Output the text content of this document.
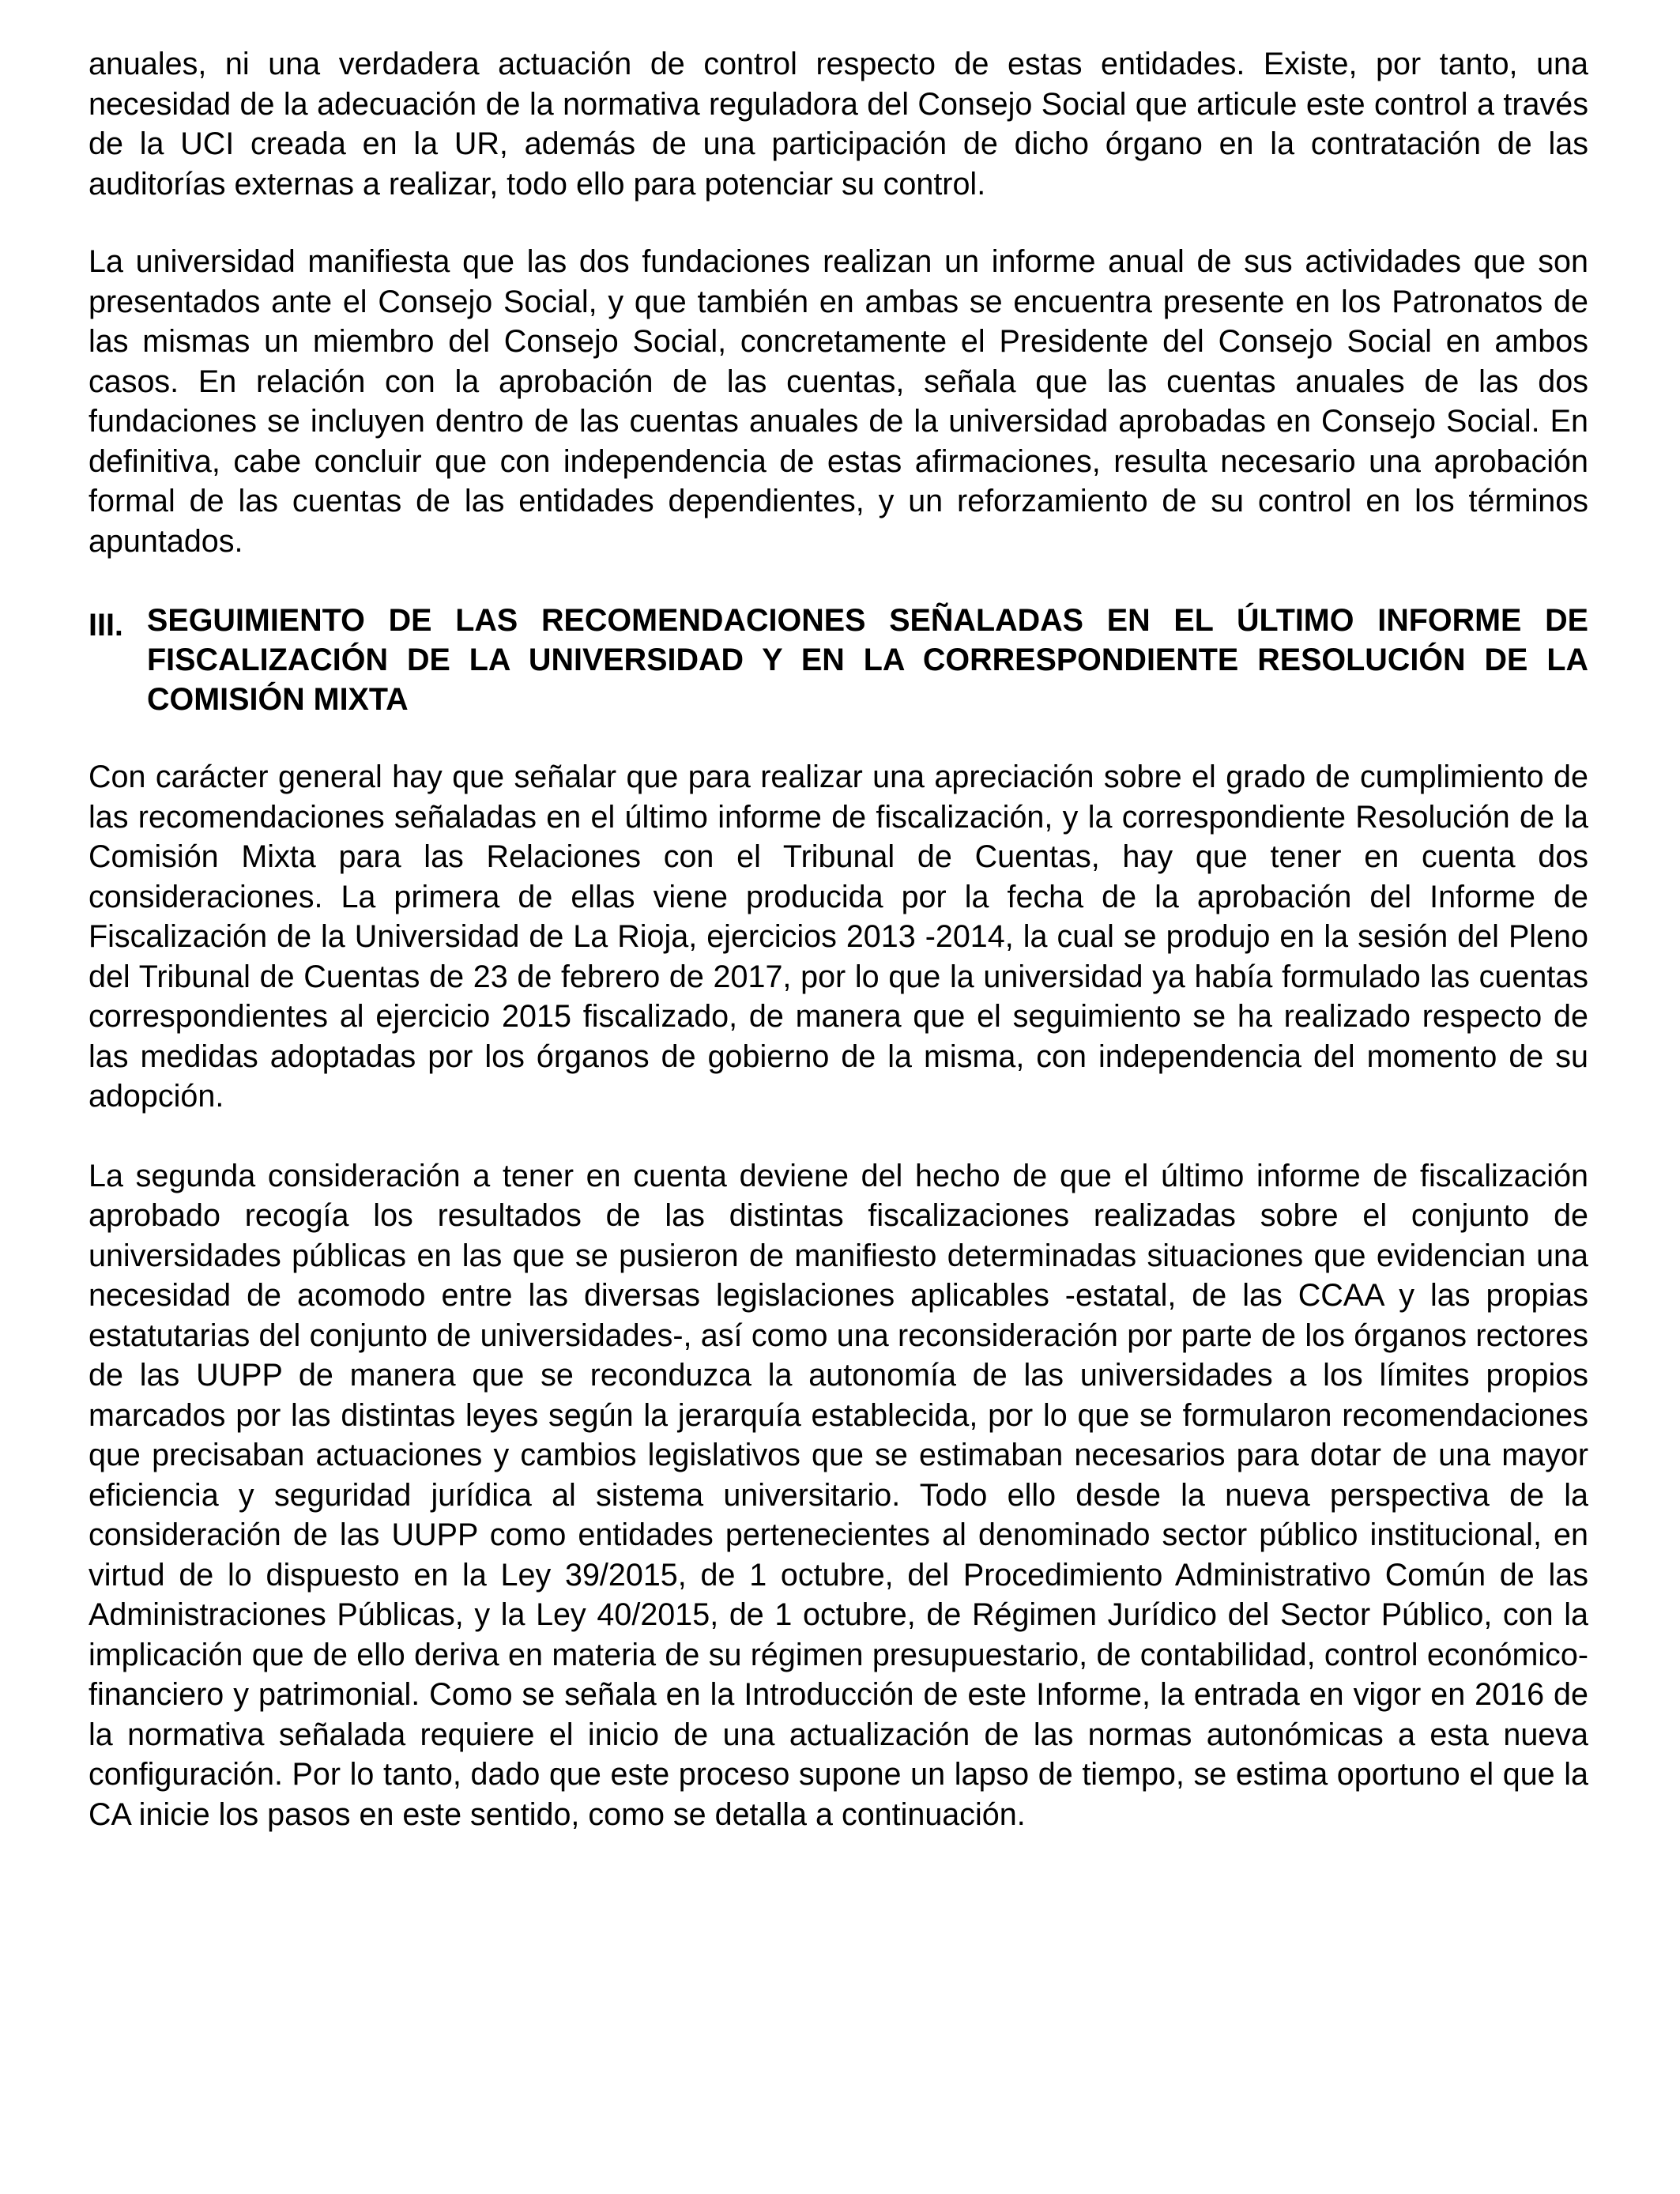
anuales, ni una verdadera actuación de control respecto de estas entidades. Existe, por tanto, una necesidad de la adecuación de la normativa reguladora del Consejo Social que articule este control a través de la UCI creada en la UR, además de una participación de dicho órgano en la contratación de las auditorías externas a realizar, todo ello para potenciar su control.

La universidad manifiesta que las dos fundaciones realizan un informe anual de sus actividades que son presentados ante el Consejo Social, y que también en ambas se encuentra presente en los Patronatos de las mismas un miembro del Consejo Social, concretamente el Presidente del Consejo Social en ambos casos. En relación con la aprobación de las cuentas, señala que las cuentas anuales de las dos fundaciones se incluyen dentro de las cuentas anuales de la universidad aprobadas en Consejo Social. En definitiva, cabe concluir que con independencia de estas afirmaciones, resulta necesario una aprobación formal de las cuentas de las entidades dependientes, y un reforzamiento de su control en los términos apuntados.

III. SEGUIMIENTO DE LAS RECOMENDACIONES SEÑALADAS EN EL ÚLTIMO INFORME DE FISCALIZACIÓN DE LA UNIVERSIDAD Y EN LA CORRESPONDIENTE RESOLUCIÓN DE LA COMISIÓN MIXTA

Con carácter general hay que señalar que para realizar una apreciación sobre el grado de cumplimiento de las recomendaciones señaladas en el último informe de fiscalización, y la correspondiente Resolución de la Comisión Mixta para las Relaciones con el Tribunal de Cuentas, hay que tener en cuenta dos consideraciones. La primera de ellas viene producida por la fecha de la aprobación del Informe de Fiscalización de la Universidad de La Rioja, ejercicios 2013 -2014, la cual se produjo en la sesión del Pleno del Tribunal de Cuentas de 23 de febrero de 2017, por lo que la universidad ya había formulado las cuentas correspondientes al ejercicio 2015 fiscalizado, de manera que el seguimiento se ha realizado respecto de las medidas adoptadas por los órganos de gobierno de la misma, con independencia del momento de su adopción.

La segunda consideración a tener en cuenta deviene del hecho de que el último informe de fiscalización aprobado recogía los resultados de las distintas fiscalizaciones realizadas sobre el conjunto de universidades públicas en las que se pusieron de manifiesto determinadas situaciones que evidencian una necesidad de acomodo entre las diversas legislaciones aplicables -estatal, de las CCAA y las propias estatutarias del conjunto de universidades-, así como una reconsideración por parte de los órganos rectores de las UUPP de manera que se reconduzca la autonomía de las universidades a los límites propios marcados por las distintas leyes según la jerarquía establecida, por lo que se formularon recomendaciones que precisaban actuaciones y cambios legislativos que se estimaban necesarios para dotar de una mayor eficiencia y seguridad jurídica al sistema universitario. Todo ello desde la nueva perspectiva de la consideración de las UUPP como entidades pertenecientes al denominado sector público institucional, en virtud de lo dispuesto en la Ley 39/2015, de 1 octubre, del Procedimiento Administrativo Común de las Administraciones Públicas, y la Ley 40/2015, de 1 octubre, de Régimen Jurídico del Sector Público, con la implicación que de ello deriva en materia de su régimen presupuestario, de contabilidad, control económico-financiero y patrimonial. Como se señala en la Introducción de este Informe, la entrada en vigor en 2016 de la normativa señalada requiere el inicio de una actualización de las normas autonómicas a esta nueva configuración. Por lo tanto, dado que este proceso supone un lapso de tiempo, se estima oportuno el que la CA inicie los pasos en este sentido, como se detalla a continuación.
